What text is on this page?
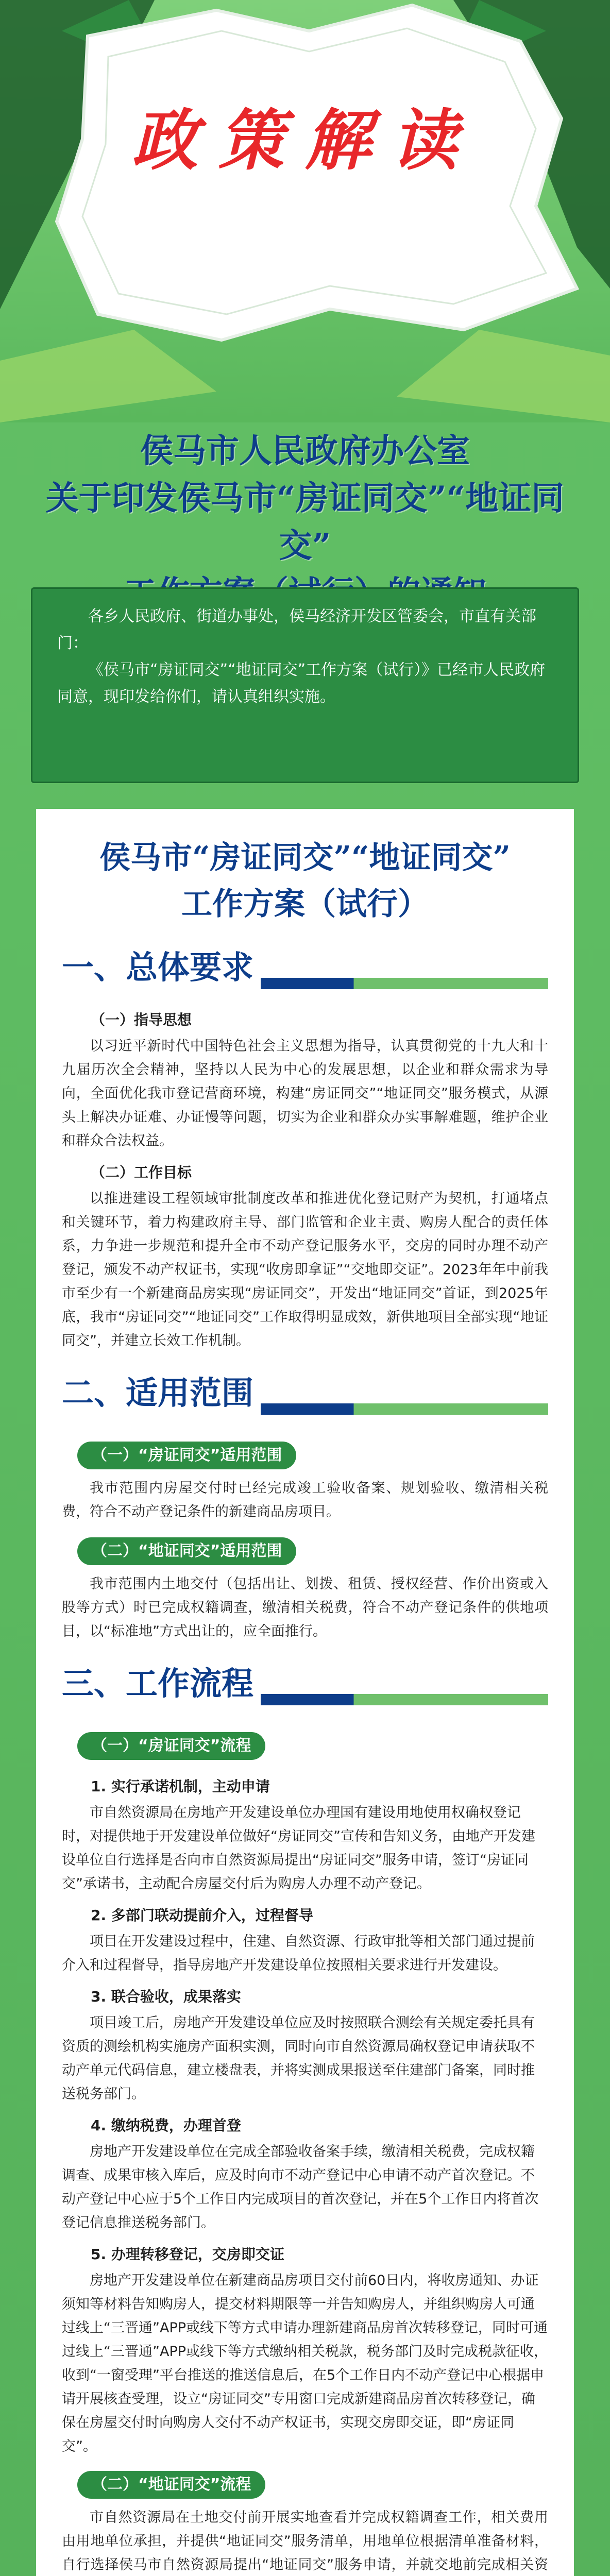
政策解读
侯马市人民政府办公室
关于印发侯马市“房证同交”“地证同交”

各乡人民政府、街道办事处，侯马经济开发区管委会，市直有关部门：

《侯马市“房证同交”“地证同交”工作方案（试行）》已经市人民政府同意，现印发给你们，请认真组织实施。

侯马市“房证同交”“地证同交”
工作方案（试行）
一、总体要求
（一）指导思想
以习近平新时代中国特色社会主义思想为指导，认真贯彻党的十九大和十九届历次全会精神，坚持以人民为中心的发展思想，以企业和群众需求为导向，全面优化我市登记营商环境，构建“房证同交”“地证同交”服务模式，从源头上解决办证难、办证慢等问题，切实为企业和群众办实事解难题，维护企业和群众合法权益。
（二）工作目标
以推进建设工程领域审批制度改革和推进优化登记财产为契机，打通堵点和关键环节，着力构建政府主导、部门监管和企业主责、购房人配合的责任体系，力争进一步规范和提升全市不动产登记服务水平，交房的同时办理不动产登记，颁发不动产权证书，实现“收房即拿证”“交地即交证”。2023年年中前我市至少有一个新建商品房实现“房证同交”，开发出“地证同交”首证，到2025年底，我市“房证同交”“地证同交”工作取得明显成效，新供地项目全部实现“地证同交”，并建立长效工作机制。
二、适用范围
（一）“房证同交”适用范围
我市范围内房屋交付时已经完成竣工验收备案、规划验收、缴清相关税费，符合不动产登记条件的新建商品房项目。
（二）“地证同交”适用范围
我市范围内土地交付（包括出让、划拨、租赁、授权经营、作价出资或入股等方式）时已完成权籍调查，缴清相关税费，符合不动产登记条件的供地项目，以“标准地”方式出让的，应全面推行。
三、工作流程
（一）“房证同交”流程
1. 实行承诺机制，主动申请
市自然资源局在房地产开发建设单位办理国有建设用地使用权确权登记时，对提供地于开发建设单位做好“房证同交”宣传和告知义务，由地产开发建设单位自行选择是否向市自然资源局提出“房证同交”服务申请，签订“房证同交”承诺书，主动配合房屋交付后为购房人办理不动产登记。
2. 多部门联动提前介入，过程督导
项目在开发建设过程中，住建、自然资源、行政审批等相关部门通过提前介入和过程督导，指导房地产开发建设单位按照相关要求进行开发建设。
3. 联合验收，成果落实
项目竣工后，房地产开发建设单位应及时按照联合测绘有关规定委托具有资质的测绘机构实施房产面积实测，同时向市自然资源局确权登记申请获取不动产单元代码信息，建立楼盘表，并将实测成果报送至住建部门备案，同时推送税务部门。
4. 缴纳税费，办理首登
房地产开发建设单位在完成全部验收备案手续，缴清相关税费，完成权籍调查、成果审核入库后，应及时向市不动产登记中心申请不动产首次登记。不动产登记中心应于5个工作日内完成项目的首次登记，并在5个工作日内将首次登记信息推送税务部门。
5. 办理转移登记，交房即交证
房地产开发建设单位在新建商品房项目交付前60日内，将收房通知、办证须知等材料告知购房人，提交材料期限等一并告知购房人，并组织购房人可通过线上“三晋通”APP或线下等方式申请办理新建商品房首次转移登记，同时可通过线上“三晋通”APP或线下等方式缴纳相关税款，税务部门及时完成税款征收，收到“一窗受理”平台推送的推送信息后，在5个工作日内不动产登记中心根据申请开展核查受理，设立“房证同交”专用窗口完成新建商品房首次转移登记，确保在房屋交付时向购房人交付不动产权证书，实现交房即交证，即“房证同交”。
（二）“地证同交”流程
市自然资源局在土地交付前开展实地查看并完成权籍调查工作，相关费用由用地单位承担，并提供“地证同交”服务清单，用地单位根据清单准备材料，自行选择侯马市自然资源局提出“地证同交”服务申请，并就交地前完成相关资
